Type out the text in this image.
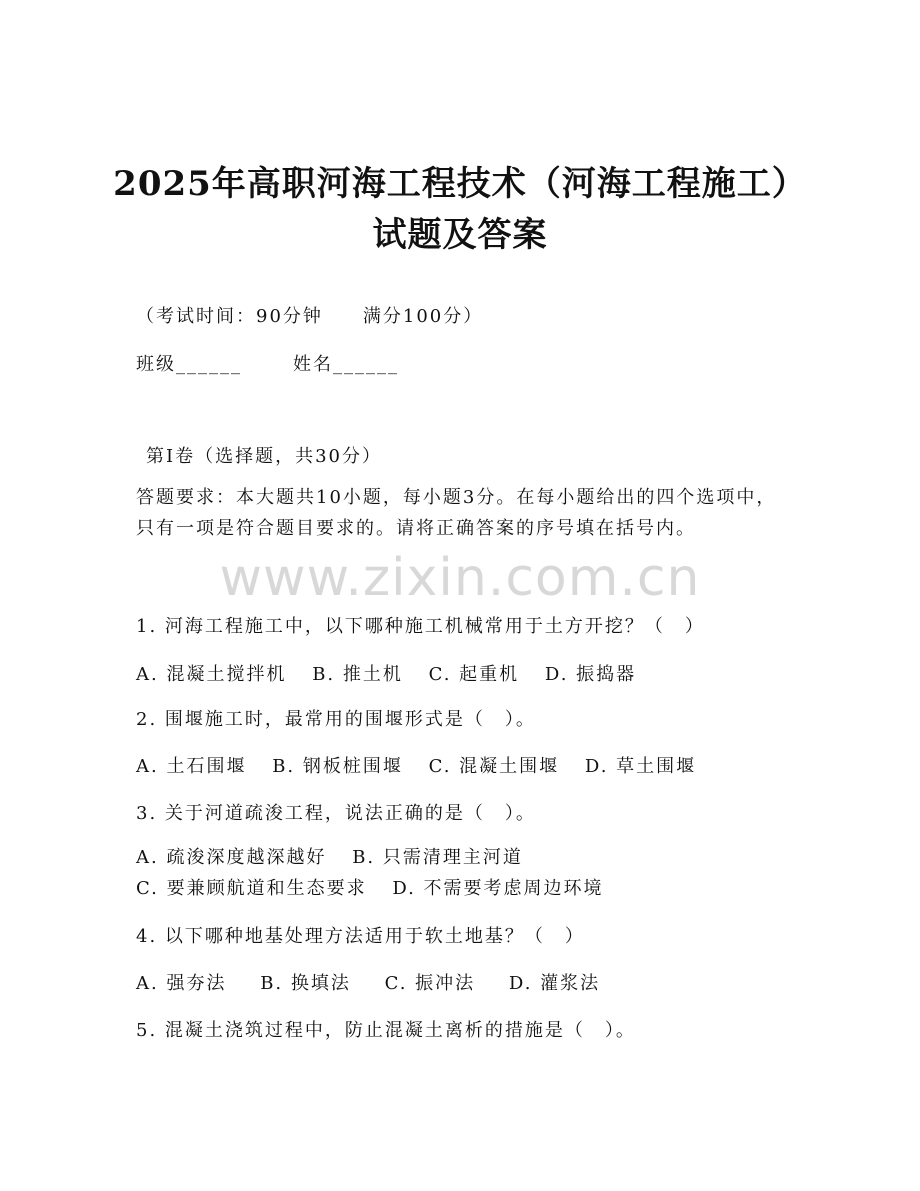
2025年高职河海工程技术（河海工程施工）
试题及答案
（考试时间：90分钟　　满分100分）
班级______	姓名______
第Ⅰ卷（选择题，共30分）
答题要求：本大题共10小题，每小题3分。在每小题给出的四个选项中，只有一项是符合题目要求的。请将正确答案的序号填在括号内。
www.zixin.com.cn
1. 河海工程施工中，以下哪种施工机械常用于土方开挖？（　）
A. 混凝土搅拌机 B. 推土机 C. 起重机 D. 振捣器
2. 围堰施工时，最常用的围堰形式是（　）。
A. 土石围堰 B. 钢板桩围堰 C. 混凝土围堰 D. 草土围堰
3. 关于河道疏浚工程，说法正确的是（　）。
A. 疏浚深度越深越好 B. 只需清理主河道 C. 要兼顾航道和生态要求 D. 不需要考虑周边环境
4. 以下哪种地基处理方法适用于软土地基？（　）
A. 强夯法 B. 换填法 C. 振冲法 D. 灌浆法
5. 混凝土浇筑过程中，防止混凝土离析的措施是（　）。
